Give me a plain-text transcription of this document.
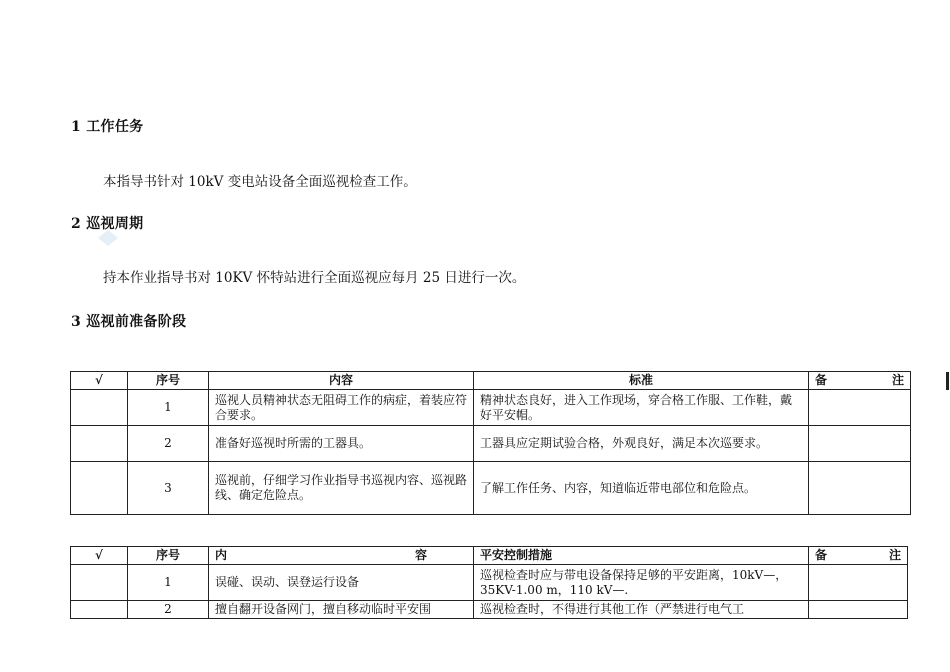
1 工作任务
本指导书针对 10kV 变电站设备全面巡视检查工作。
2 巡视周期
持本作业指导书对 10KV 怀特站进行全面巡视应每月 25 日进行一次。
3 巡视前准备阶段
√	序号	内容	标准	备 注

	1	巡视人员精神状态无阻碍工作的病症，着装应符合要求。	精神状态良好，进入工作现场，穿合格工作服、工作鞋，戴好平安帽。	
	2	准备好巡视时所需的工器具。	工器具应定期试验合格，外观良好，满足本次巡要求。	
	3	巡视前，仔细学习作业指导书巡视内容、巡视路线、确定危险点。	了解工作任务、内容，知道临近带电部位和危险点。	
√	序号	内 容	平安控制措施	备 注

	1	误碰、误动、误登运行设备	巡视检查时应与带电设备保持足够的平安距离，10kV—，35KV-1.00 m，110 kV—.	
	2	擅自翻开设备网门，擅自移动临时平安围	巡视检查时，不得进行其他工作（严禁进行电气工	
